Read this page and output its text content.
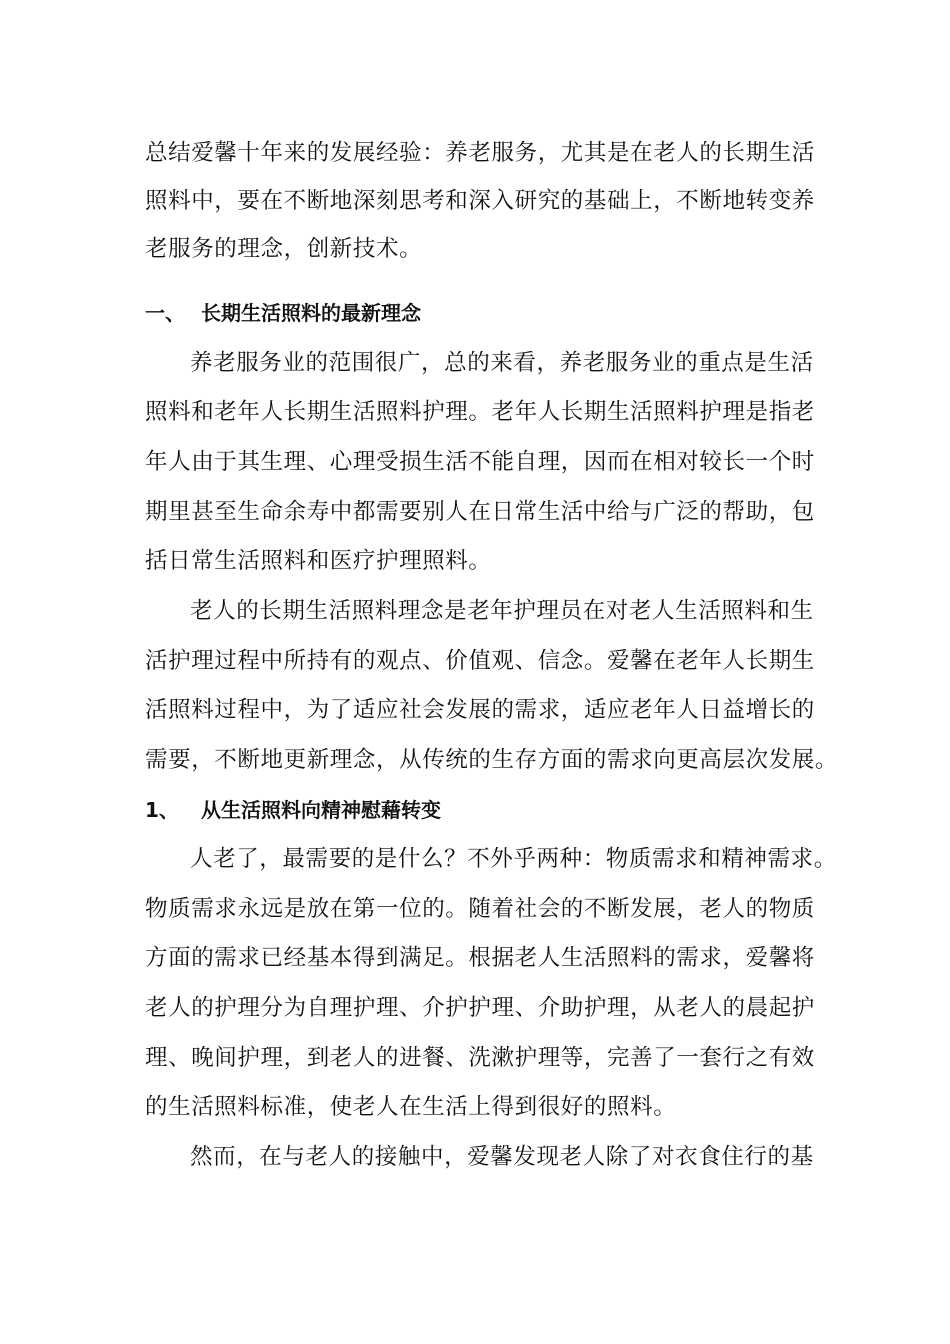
总结爱馨十年来的发展经验：养老服务，尤其是在老人的长期生活
照料中，要在不断地深刻思考和深入研究的基础上，不断地转变养
老服务的理念，创新技术。
一、 长期生活照料的最新理念
养老服务业的范围很广，总的来看，养老服务业的重点是生活
照料和老年人长期生活照料护理。老年人长期生活照料护理是指老
年人由于其生理、心理受损生活不能自理，因而在相对较长一个时
期里甚至生命余寿中都需要别人在日常生活中给与广泛的帮助，包
括日常生活照料和医疗护理照料。
老人的长期生活照料理念是老年护理员在对老人生活照料和生
活护理过程中所持有的观点、价值观、信念。爱馨在老年人长期生
活照料过程中，为了适应社会发展的需求，适应老年人日益增长的
需要，不断地更新理念，从传统的生存方面的需求向更高层次发展。
1、 从生活照料向精神慰藉转变
人老了，最需要的是什么？不外乎两种：物质需求和精神需求。
物质需求永远是放在第一位的。随着社会的不断发展，老人的物质
方面的需求已经基本得到满足。根据老人生活照料的需求，爱馨将
老人的护理分为自理护理、介护护理、介助护理，从老人的晨起护
理、晚间护理，到老人的进餐、洗漱护理等，完善了一套行之有效
的生活照料标准，使老人在生活上得到很好的照料。
然而，在与老人的接触中，爱馨发现老人除了对衣食住行的基
